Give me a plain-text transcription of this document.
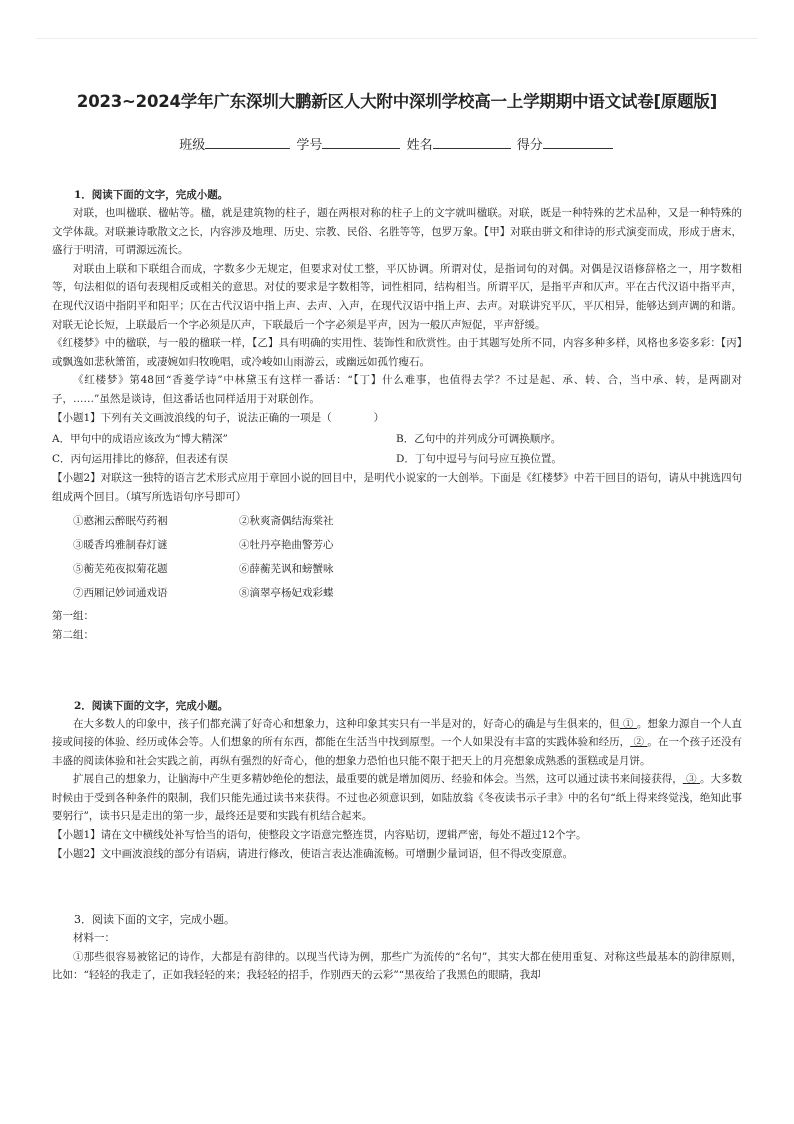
2023~2024学年广东深圳大鹏新区人大附中深圳学校高一上学期期中语文试卷[原题版]
班级	学号	姓名	得分

1．阅读下面的文字，完成小题。

对联，也叫楹联、楹帖等。楹，就是建筑物的柱子，题在两根对称的柱子上的文字就叫楹联。对联，既是一种特殊的艺术品种，又是一种特殊的文学体裁。对联兼诗歌散文之长，内容涉及地理、历史、宗教、民俗、名胜等等，包罗万象。【甲】对联由骈文和律诗的形式演变而成，形成于唐末，盛行于明清，可谓源远流长。

对联由上联和下联组合而成，字数多少无规定，但要求对仗工整，平仄协调。所谓对仗，是指词句的对偶。对偶是汉语修辞格之一，用字数相等，句法相似的语句表现相反或相关的意思。对仗的要求是字数相等，词性相同，结构相当。所谓平仄，是指平声和仄声。平在古代汉语中指平声，在现代汉语中指阴平和阳平；仄在古代汉语中指上声、去声、入声，在现代汉语中指上声、去声。对联讲究平仄，平仄相异，能够达到声调的和谐。对联无论长短，上联最后一个字必须是仄声，下联最后一个字必须是平声，因为一般仄声短促，平声舒缓。

《红楼梦》中的楹联，与一般的楹联一样，【乙】具有明确的实用性、装饰性和欣赏性。由于其题写处所不同，内容多种多样，风格也多姿多彩：【丙】或飘逸如悲秋箫笛，或凄婉如归牧晚唱，或冷峻如山雨游云，或幽远如孤竹瘦石。

《红楼梦》第48回“香菱学诗”中林黛玉有这样一番话：“【丁】什么难事，也值得去学？不过是起、承、转、合，当中承、转，是两副对子，……”虽然是谈诗，但这番话也同样适用于对联创作。

【小题1】下列有关文画波浪线的句子，说法正确的一项是（　　　　）

A．甲句中的成语应该改为“博大精深”	B．乙句中的并列成分可调换顺序。
C．丙句运用排比的修辞，但表述有误	D．丁句中逗号与问号应互换位置。

【小题2】对联这一独特的语言艺术形式应用于章回小说的回目中，是明代小说家的一大创举。下面是《红楼梦》中若干回目的语句，请从中挑选四句组成两个回目。（填写所选语句序号即可）

①憨湘云醉眠芍药裀	②秋爽斋偶结海棠社
③暖香坞雅制春灯谜	④牡丹亭艳曲警芳心
⑤蘅芜苑夜拟菊花题	⑥薛蘅芜讽和螃蟹咏
⑦西厢记妙词通戏语	⑧滴翠亭杨妃戏彩蝶

第一组：

第二组：

2．阅读下面的文字，完成小题。

在大多数人的印象中，孩子们都充满了好奇心和想象力，这种印象其实只有一半是对的，好奇心的确是与生俱来的，但 ① 。想象力源自一个人直接或间接的体验、经历或体会等。人们想象的所有东西，都能在生活当中找到原型。一个人如果没有丰富的实践体验和经历， ② 。在一个孩子还没有丰盛的阅读体验和社会实践之前，再纵有强烈的好奇心，他的想象力恐怕也只能不限于把天上的月亮想象成熟悉的蛋糕或是月饼。

扩展自己的想象力，让脑海中产生更多精妙绝伦的想法，最重要的就是增加阅历、经验和体会。当然，这可以通过读书来间接获得， ③ 。大多数时候由于受到各种条件的限制，我们只能先通过读书来获得。不过也必须意识到，如陆放翁《冬夜读书示子聿》中的名句“纸上得来终觉浅，绝知此事要躬行”，读书只是走出的第一步，最终还是要和实践有机结合起来。

【小题1】请在文中横线处补写恰当的语句，使整段文字语意完整连贯，内容贴切，逻辑严密，每处不超过12个字。

【小题2】文中画波浪线的部分有语病，请进行修改，使语言表达准确流畅。可增删少量词语，但不得改变原意。

3．阅读下面的文字，完成小题。

材料一：

①那些很容易被铭记的诗作，大都是有韵律的。以现当代诗为例，那些广为流传的“名句”，其实大都在使用重复、对称这些最基本的韵律原则，比如：“轻轻的我走了，正如我轻轻的来；我轻轻的招手，作别西天的云彩”“黑夜给了我黑色的眼睛，我却
